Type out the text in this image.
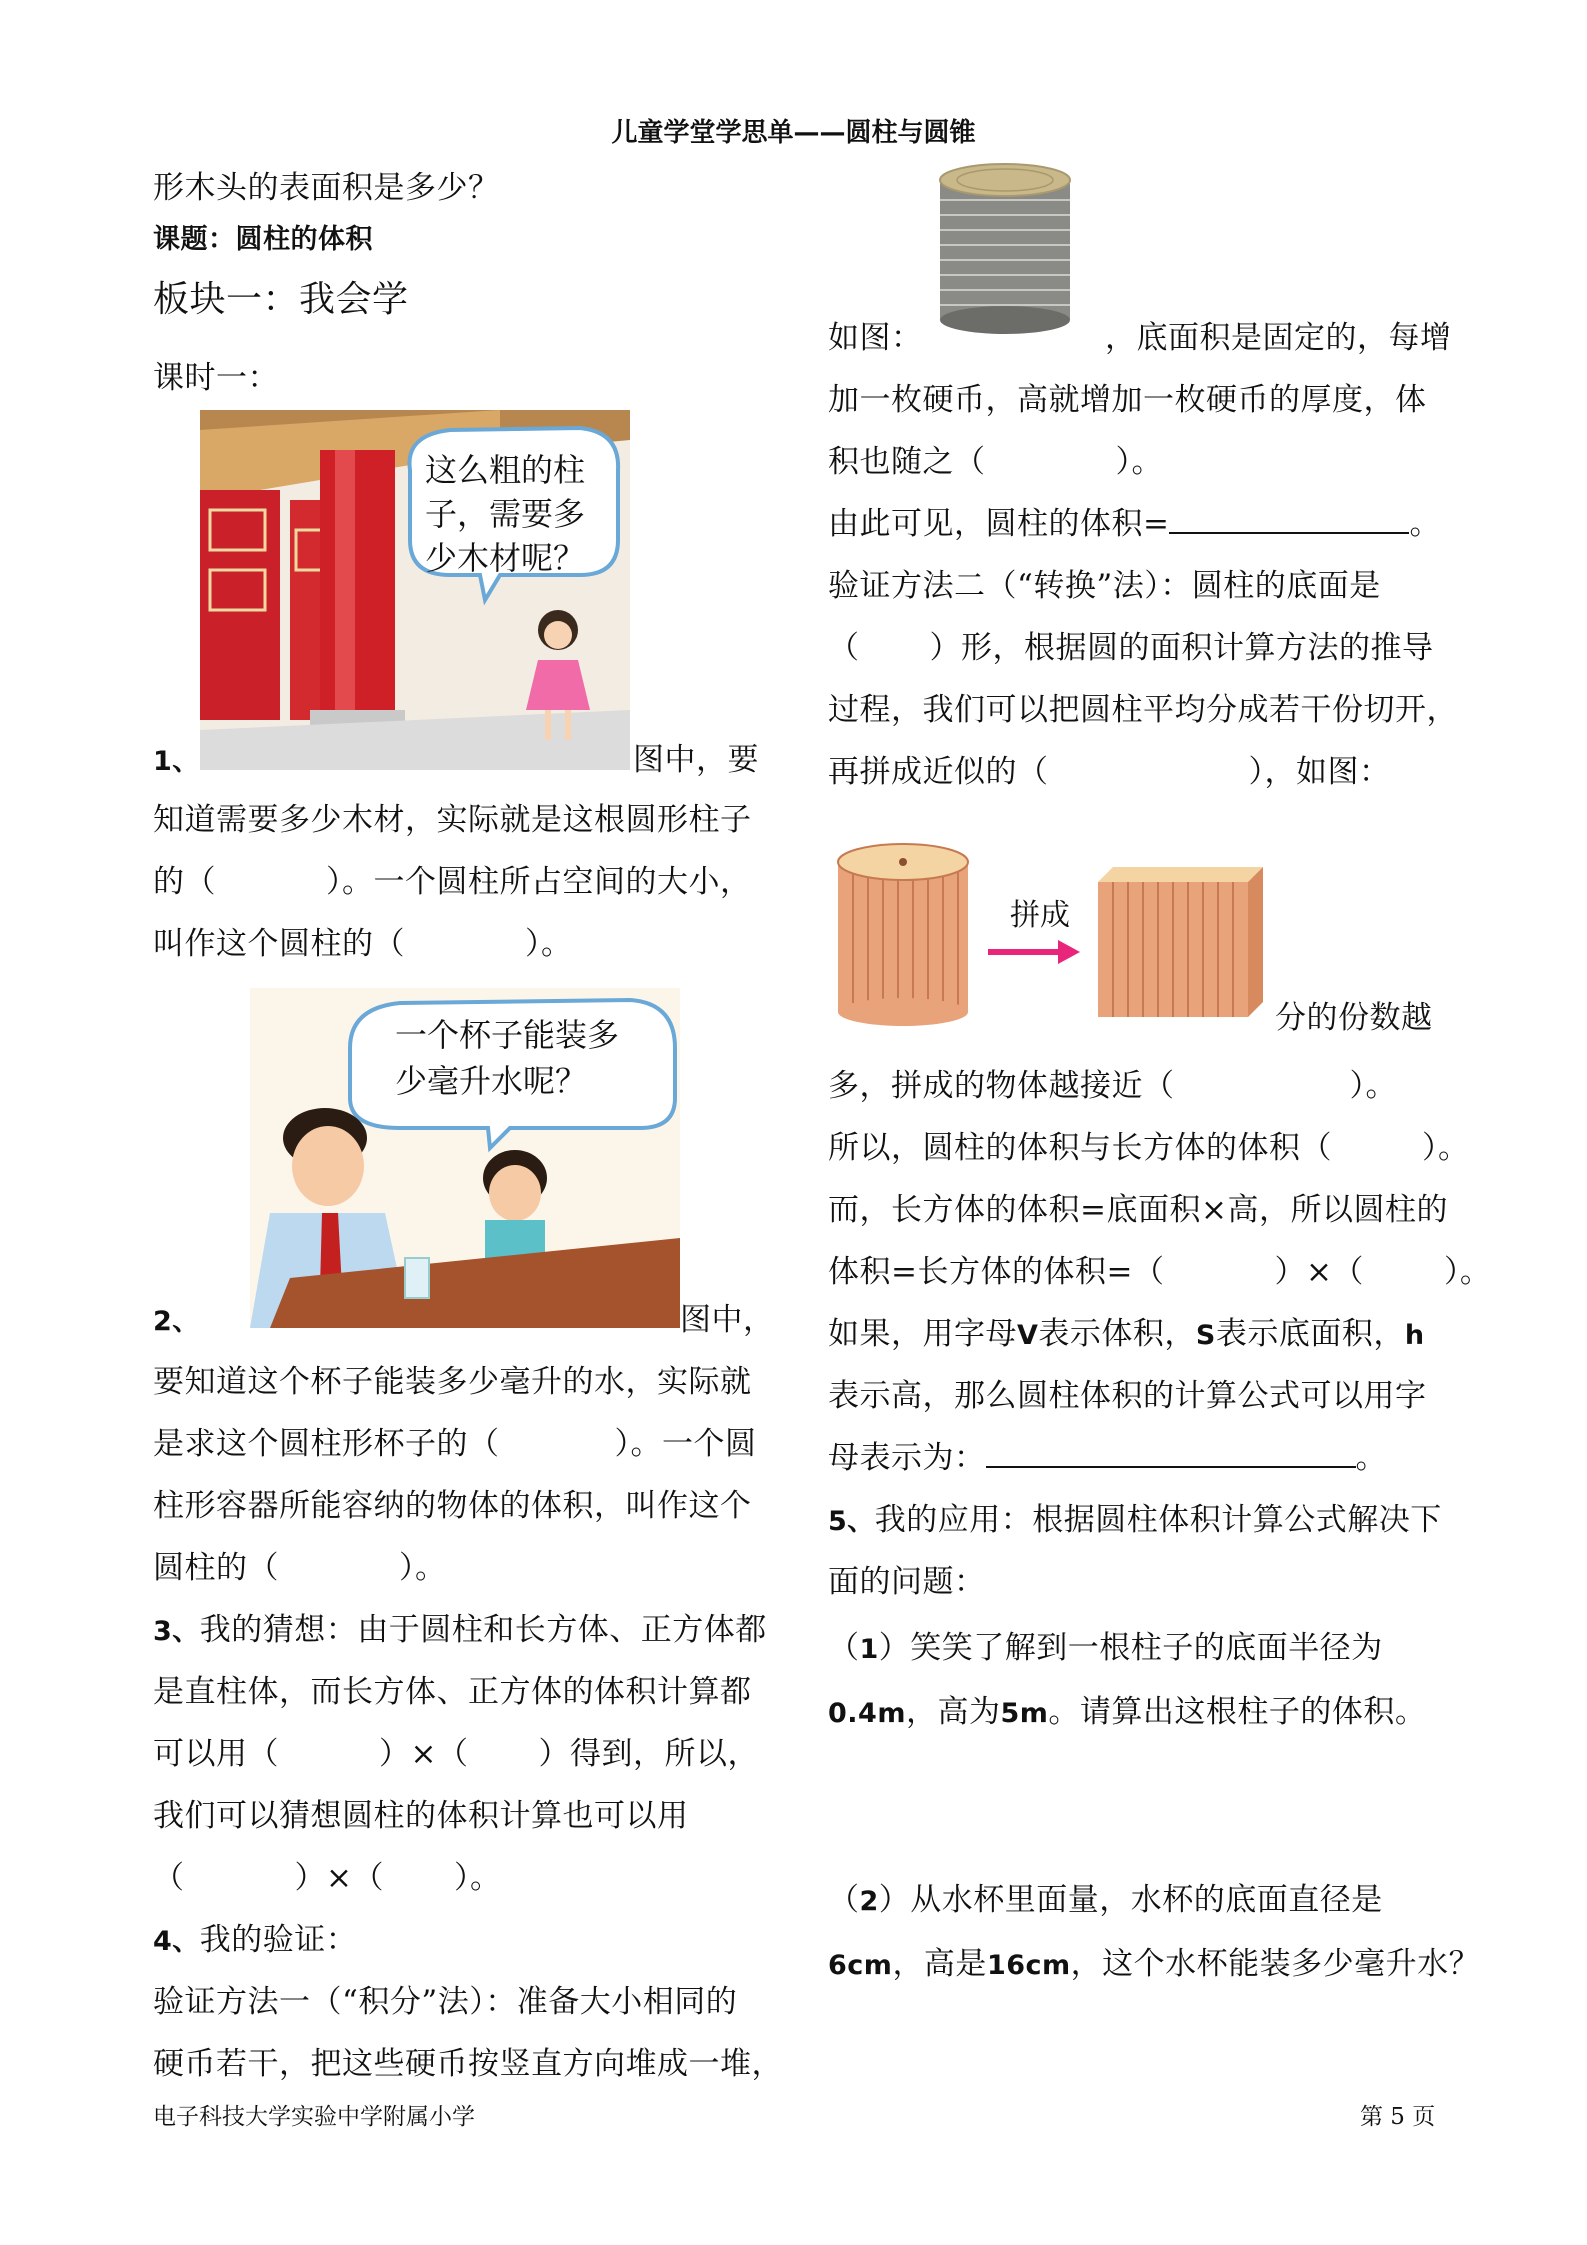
儿童学堂学思单——圆柱与圆锥
形木头的表面积是多少？
课题：圆柱的体积
板块一：我会学
课时一：
这么粗的柱
子，需要多
少木材呢？
1、	图中，要
知道需要多少木材，实际就是这根圆形柱子
的（	）。一个圆柱所占空间的大小，
叫作这个圆柱的（	）。
一个杯子能装多
少毫升水呢？
2、	图中，
要知道这个杯子能装多少毫升的水，实际就
是求这个圆柱形杯子的（	）。一个圆
柱形容器所能容纳的物体的体积，叫作这个
圆柱的（	）。
3、我的猜想：由于圆柱和长方体、正方体都
是直柱体，而长方体、正方体的体积计算都
可以用（	）×（ ）得到，所以，
我们可以猜想圆柱的体积计算也可以用
（	）×（ ）。
4、我的验证：
验证方法一（“积分”法）：准备大小相同的
硬币若干，把这些硬币按竖直方向堆成一堆，
如图：	，底面积是固定的，每增
加一枚硬币，高就增加一枚硬币的厚度，体
积也随之（	）。
由此可见，圆柱的体积=	。
验证方法二（“转换”法）：圆柱的底面是
（ ）形，根据圆的面积计算方法的推导
过程，我们可以把圆柱平均分成若干份切开，
再拼成近似的（	），如图：
拼成
分的份数越
多，拼成的物体越接近（	）。
所以，圆柱的体积与长方体的体积（	）。
而，长方体的体积=底面积×高，所以圆柱的
体积=长方体的体积=（	）×（	）。
如果，用字母V表示体积，S表示底面积，h
表示高，那么圆柱体积的计算公式可以用字
母表示为：	。
5、我的应用：根据圆柱体积计算公式解决下
面的问题：
（1）笑笑了解到一根柱子的底面半径为
0.4m，高为5m。请算出这根柱子的体积。
（2）从水杯里面量，水杯的底面直径是
6cm，高是16cm，这个水杯能装多少毫升水？
电子科技大学实验中学附属小学	第 5 页
